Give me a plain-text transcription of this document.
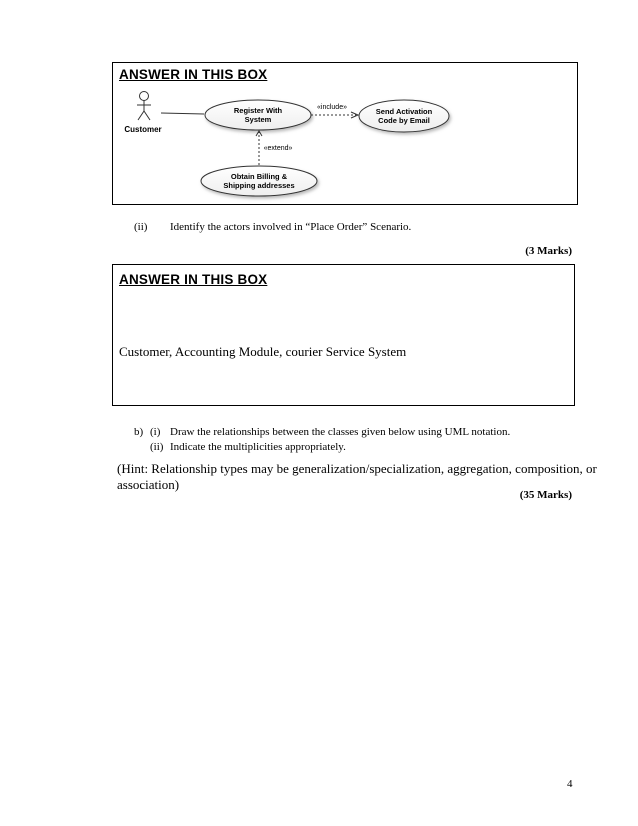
ANSWER IN THIS BOX
Customer
Register With
System
Send Activation
Code by Email
Obtain Billing &
Shipping addresses
«include»
«extend»
(ii) Identify the actors involved in “Place Order” Scenario.
(3 Marks)
ANSWER IN THIS BOX
Customer, Accounting Module, courier Service System
b) (i) Draw the relationships between the classes given below using UML notation.
(ii) Indicate the multiplicities appropriately.
(Hint: Relationship types may be generalization/specialization, aggregation, composition, or
association)
(35 Marks)
4
